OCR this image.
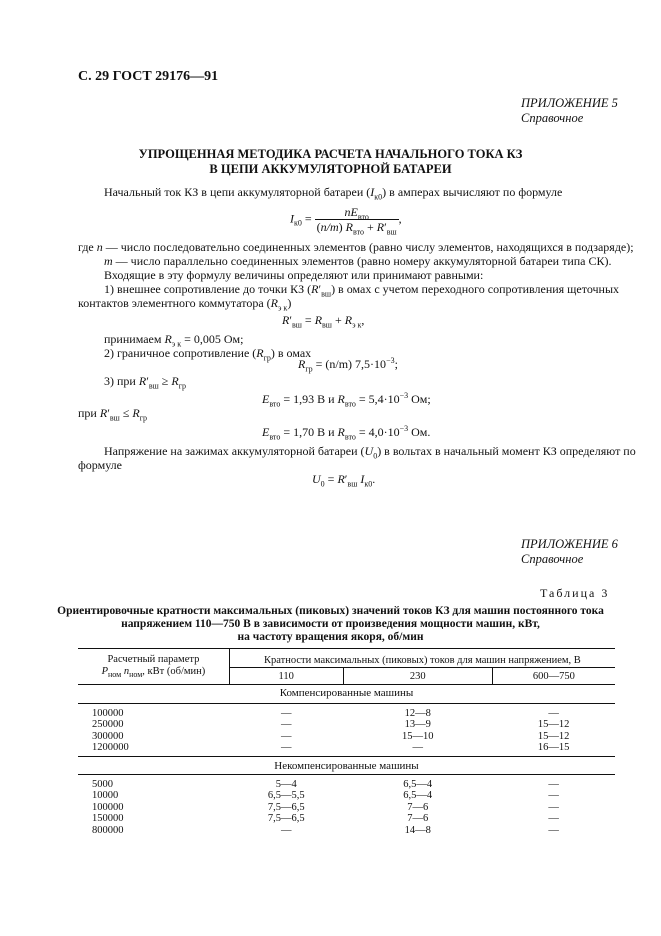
С. 29 ГОСТ 29176—91
ПРИЛОЖЕНИЕ 5
Справочное
УПРОЩЕННАЯ МЕТОДИКА РАСЧЕТА НАЧАЛЬНОГО ТОКА КЗ
В ЦЕПИ АККУМУЛЯТОРНОЙ БАТАРЕИ
Начальный ток КЗ в цепи аккумуляторной батареи $(I_{к0})$ в амперах вычисляют по формуле
$I_{к0} = \frac{nE_{вто}}{(n/m) R_{вто} + R'_{вш}}$ ,
где n — число последовательно соединенных элементов (равно числу элементов, находящихся в подзаряде);
m — число параллельно соединенных элементов (равно номеру аккумуляторной батареи типа СК).
Входящие в эту формулу величины определяют или принимают равными:
1) внешнее сопротивление до точки КЗ $(R'_{вш})$ в омах с учетом переходного сопротивления щеточных
контактов элементного коммутатора $(R_{э к})$
$R'_{вш} = R_{вш} + R_{э к}$,
принимаем $R_{э к} = 0,005$ Ом;
2) граничное сопротивление $(R_{гр})$ в омах
$R_{гр} = (n/m)$ $7,5\cdot 10^{-3}$;
3) при $R'_{вш} \ge R_{гр}$
$E_{вто} = 1,93$ В и $R_{вто} = 5,4\cdot 10^{-3}$ Ом;
при $R'_{вш} \le R_{гр}$
$E_{вто} = 1,70$ В и $R_{вто} = 4,0\cdot 10^{-3}$ Ом.
Напряжение на зажимах аккумуляторной батареи $(U_0)$ в вольтах в начальный момент КЗ определяют по
формуле
$U_0 = R'_{вш}$ $I_{к0}$.
ПРИЛОЖЕНИЕ 6
Справочное
Таблица 3
Ориентировочные кратности максимальных (пиковых) значений токов КЗ для машин постоянного тока
напряжением 110—750 В в зависимости от произведения мощности машин, кВт,
на частоту вращения якоря, об/мин
Расчетный параметр
$P_{ном}$ $n_{ном}$, кВт (об/мин)	Кратности максимальных (пиковых) токов для машин напряжением, В		
	110	230	600—750
Компенсированные машины			
100000	—	12—8	—
250000	—	13—9	15—12
300000	—	15—10	15—12
1200000	—	—	16—15
Некомпенсированные машины			
5000	5—4	6,5—4	—
10000	6,5—5,5	6,5—4	—
100000	7,5—6,5	7—6	—
150000	7,5—6,5	7—6	—
800000	—	14—8	—
